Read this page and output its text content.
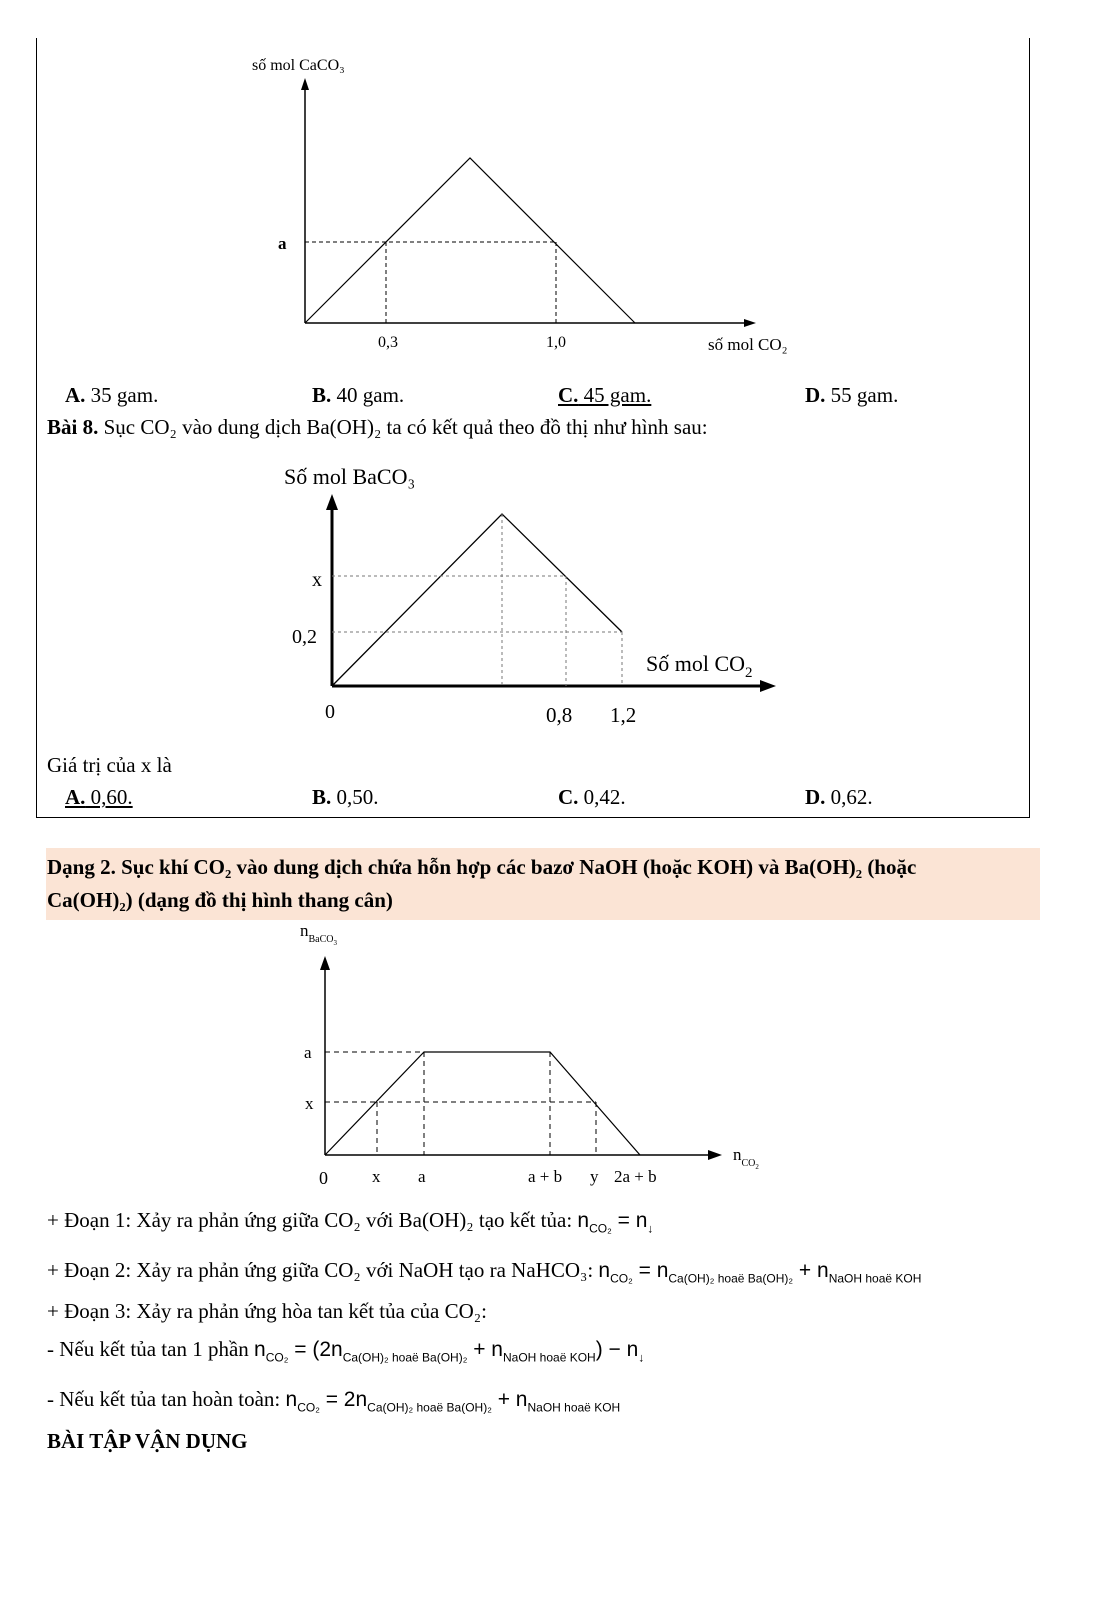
số mol CaCO₃
a
0,3	1,0	số mol CO₂
A. 35 gam.	B. 40 gam.	C. 45 gam.	D. 55 gam.
Bài 8. Sục CO₂ vào dung dịch Ba(OH)₂ ta có kết quả theo đồ thị như hình sau:
Số mol BaCO₃
x
0,2
0	0,8 1,2
Số mol $CO_2$
Giá trị của x là
A. 0,60.	B. 0,50.	C. 0,42.	D. 0,62.
Dạng 2. Sục khí CO₂ vào dung dịch chứa hỗn hợp các bazơ NaOH (hoặc KOH) và Ba(OH)₂ (hoặc
Ca(OH)₂) (dạng đồ thị hình thang cân)
$n_{BaCO}3$
a
x
0	x a	a + b y 2a + b
$n_{CO}2$
+ Đoạn 1: Xảy ra phản ứng giữa CO₂ với Ba(OH)₂ tạo kết tủa: $n_{CO_2} = n_↓$
+ Đoạn 2: Xảy ra phản ứng giữa CO₂ với NaOH tạo ra NaHCO₃: $n_{CO_2} = n_{Ca(OH)_2 hoaë Ba(OH)_2} + n_{NaOH hoaë KOH}$
+ Đoạn 3: Xảy ra phản ứng hòa tan kết tủa của CO₂:
- Nếu kết tủa tan 1 phần $n_{CO_2} = (2n_{Ca(OH)_2 hoaë Ba(OH)_2} + n_{NaOH hoaë KOH}) - n_↓$
- Nếu kết tủa tan hoàn toàn: $n_{CO_2} = 2n_{Ca(OH)_2 hoaë Ba(OH)_2} + n_{NaOH hoaë KOH}$
BÀI TẬP VẬN DỤNG
